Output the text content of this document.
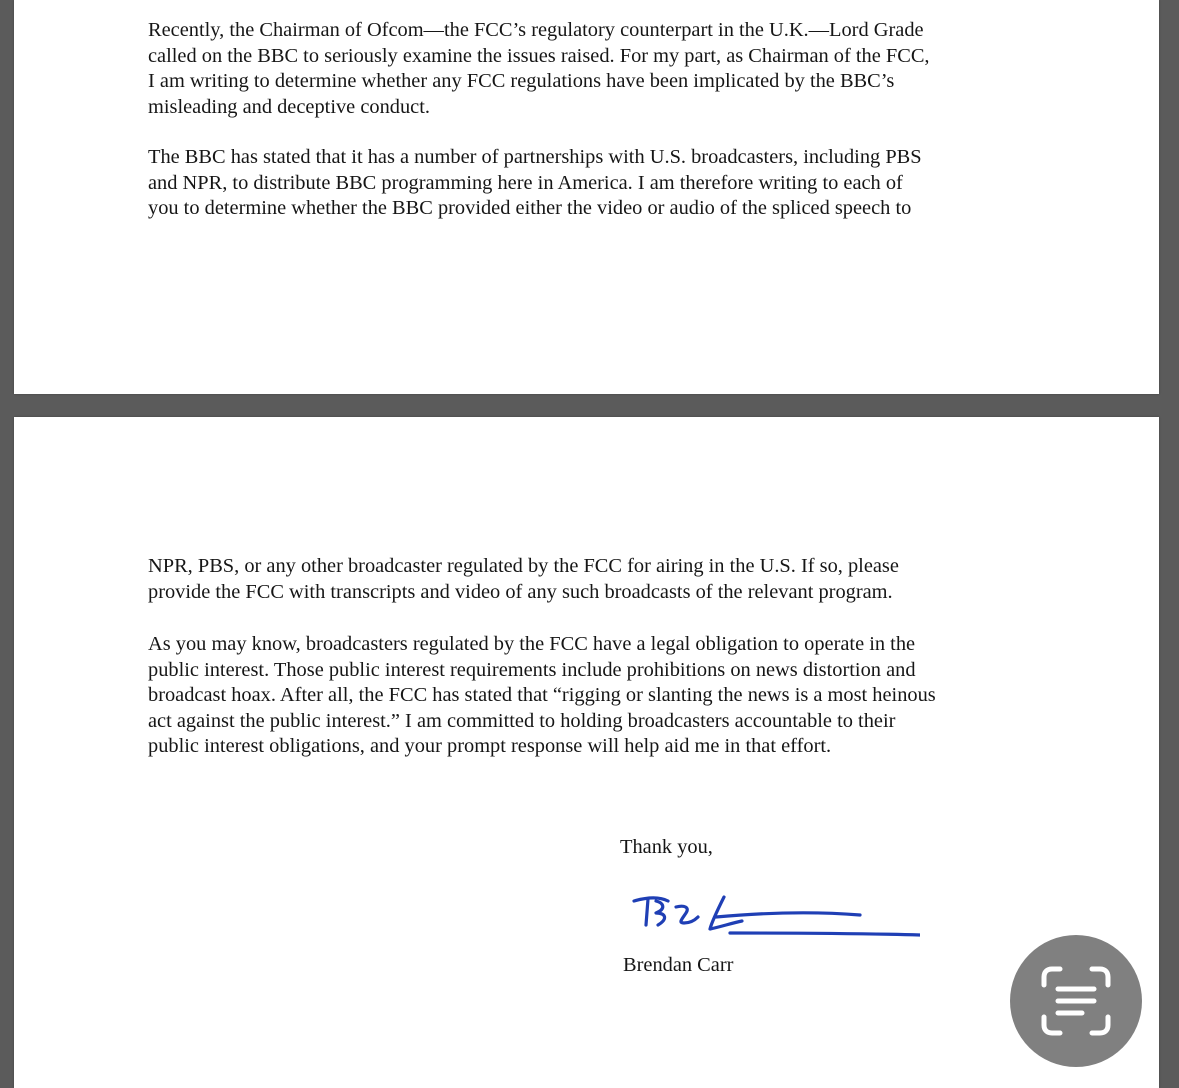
Recently, the Chairman of Ofcom—the FCC’s regulatory counterpart in the U.K.—Lord Grade
called on the BBC to seriously examine the issues raised. For my part, as Chairman of the FCC,
I am writing to determine whether any FCC regulations have been implicated by the BBC’s
misleading and deceptive conduct.

The BBC has stated that it has a number of partnerships with U.S. broadcasters, including PBS
and NPR, to distribute BBC programming here in America. I am therefore writing to each of
you to determine whether the BBC provided either the video or audio of the spliced speech to

NPR, PBS, or any other broadcaster regulated by the FCC for airing in the U.S. If so, please
provide the FCC with transcripts and video of any such broadcasts of the relevant program.

As you may know, broadcasters regulated by the FCC have a legal obligation to operate in the
public interest. Those public interest requirements include prohibitions on news distortion and
broadcast hoax. After all, the FCC has stated that “rigging or slanting the news is a most heinous
act against the public interest.” I am committed to holding broadcasters accountable to their
public interest obligations, and your prompt response will help aid me in that effort.

Thank you,

Brendan Carr
